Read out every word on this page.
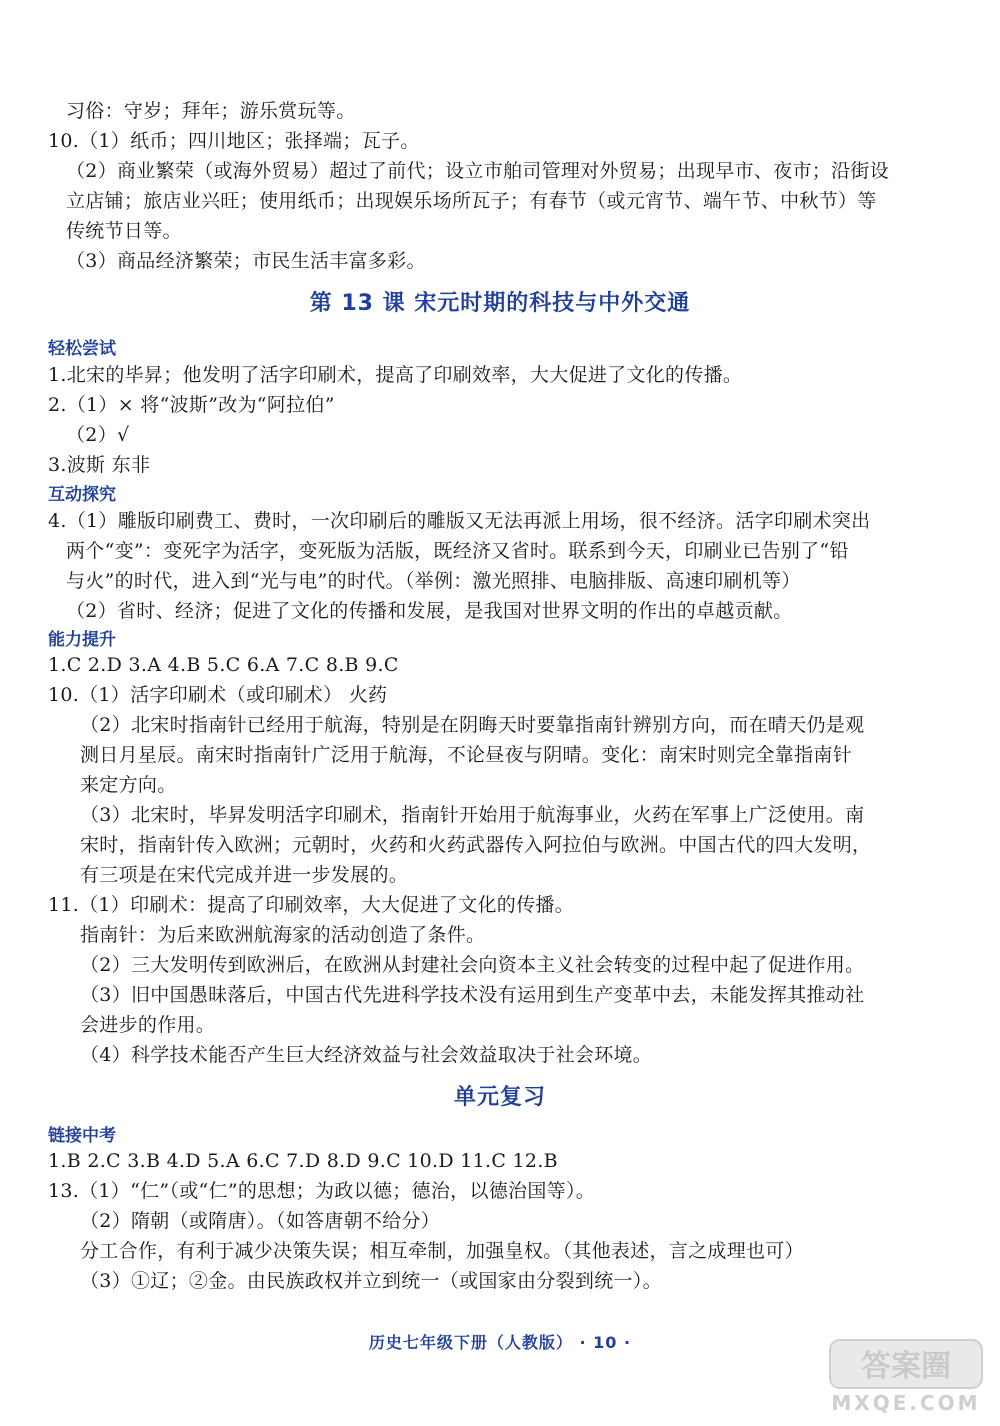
习俗：守岁；拜年；游乐赏玩等。
10.（1）纸币；四川地区；张择端；瓦子。
（2）商业繁荣（或海外贸易）超过了前代；设立市舶司管理对外贸易；出现早市、夜市；沿街设
立店铺；旅店业兴旺；使用纸币；出现娱乐场所瓦子；有春节（或元宵节、端午节、中秋节）等
传统节日等。
（3）商品经济繁荣；市民生活丰富多彩。
第 13 课 宋元时期的科技与中外交通
轻松尝试
1.北宋的毕昇；他发明了活字印刷术，提高了印刷效率，大大促进了文化的传播。
2.（1）× 将“波斯”改为“阿拉伯”
（2）√
3.波斯 东非
互动探究
4.（1）雕版印刷费工、费时，一次印刷后的雕版又无法再派上用场，很不经济。活字印刷术突出
两个“变”：变死字为活字，变死版为活版，既经济又省时。联系到今天，印刷业已告别了“铅
与火”的时代，进入到“光与电”的时代。（举例：激光照排、电脑排版、高速印刷机等）
（2）省时、经济；促进了文化的传播和发展，是我国对世界文明的作出的卓越贡献。
能力提升
1.C 2.D 3.A 4.B 5.C 6.A 7.C 8.B 9.C
10.（1）活字印刷术（或印刷术） 火药
（2）北宋时指南针已经用于航海，特别是在阴晦天时要靠指南针辨别方向，而在晴天仍是观
测日月星辰。南宋时指南针广泛用于航海，不论昼夜与阴晴。变化：南宋时则完全靠指南针
来定方向。
（3）北宋时，毕昇发明活字印刷术，指南针开始用于航海事业，火药在军事上广泛使用。南
宋时，指南针传入欧洲；元朝时，火药和火药武器传入阿拉伯与欧洲。中国古代的四大发明，
有三项是在宋代完成并进一步发展的。
11.（1）印刷术：提高了印刷效率，大大促进了文化的传播。
指南针：为后来欧洲航海家的活动创造了条件。
（2）三大发明传到欧洲后，在欧洲从封建社会向资本主义社会转变的过程中起了促进作用。
（3）旧中国愚昧落后，中国古代先进科学技术没有运用到生产变革中去，未能发挥其推动社
会进步的作用。
（4）科学技术能否产生巨大经济效益与社会效益取决于社会环境。
单元复习
链接中考
1.B 2.C 3.B 4.D 5.A 6.C 7.D 8.D 9.C 10.D 11.C 12.B
13.（1）“仁”（或“仁”的思想；为政以德；德治，以德治国等）。
（2）隋朝（或隋唐）。（如答唐朝不给分）
分工合作，有利于减少决策失误；相互牵制，加强皇权。（其他表述，言之成理也可）
（3）①辽；②金。由民族政权并立到统一（或国家由分裂到统一）。
历史七年级下册（人教版） · 10 ·
答案圈
MXQE.COM
